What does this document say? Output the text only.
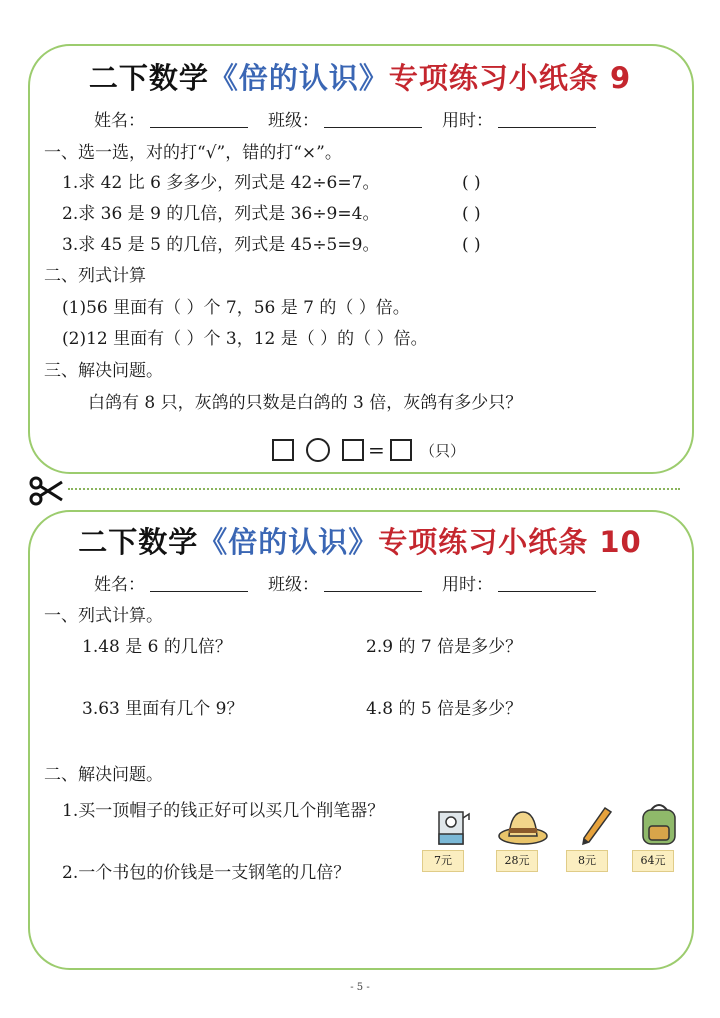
二下数学《倍的认识》专项练习小纸条 9
姓名：	班级：	用时：
一、选一选，对的打“√”，错的打“×”。
1.求 42 比 6 多多少，列式是 42÷6=7。	( )
2.求 36 是 9 的几倍，列式是 36÷9=4。	( )
3.求 45 是 5 的几倍，列式是 45÷5=9。	( )
二、列式计算
(1)56 里面有（ ）个 7，56 是 7 的（ ）倍。
(2)12 里面有（ ）个 3，12 是（ ）的（ ）倍。
三、解决问题。
白鸽有 8 只，灰鸽的只数是白鸽的 3 倍，灰鸽有多少只？
= （只）
二下数学《倍的认识》专项练习小纸条 10
姓名：	班级：	用时：
一、列式计算。
1.48 是 6 的几倍？	2.9 的 7 倍是多少？
3.63 里面有几个 9？	4.8 的 5 倍是多少？
二、解决问题。
1.买一顶帽子的钱正好可以买几个削笔器？
2.一个书包的价钱是一支钢笔的几倍？
7元	28元	8元	64元
- 5 -
